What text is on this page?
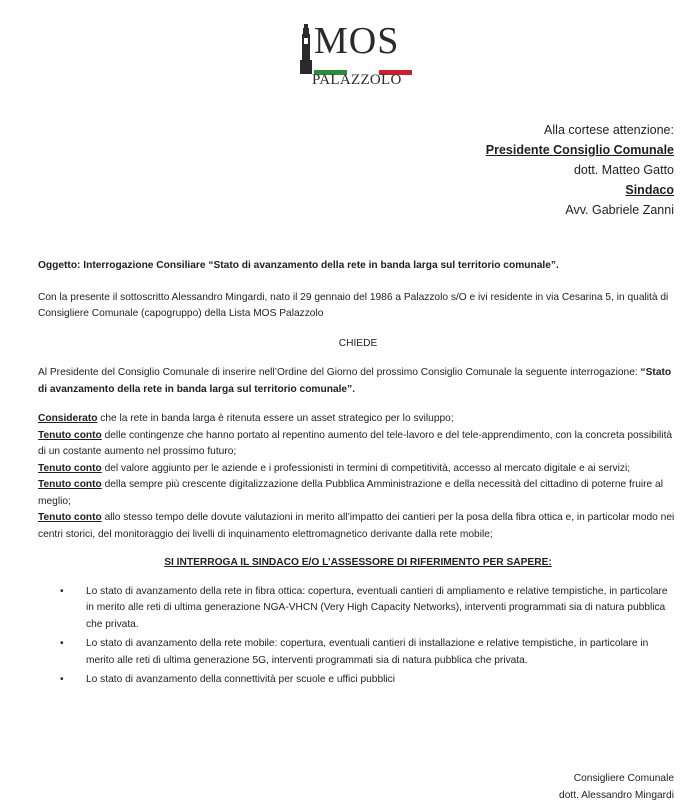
MOS
PALAZZOLO
Alla cortese attenzione:
Presidente Consiglio Comunale
dott. Matteo Gatto
Sindaco
Avv. Gabriele Zanni

Oggetto: Interrogazione Consiliare “Stato di avanzamento della rete in banda larga sul territorio comunale”.

Con la presente il sottoscritto Alessandro Mingardi, nato il 29 gennaio del 1986 a Palazzolo s/O e ivi residente in via Cesarina 5, in qualità di Consigliere Comunale (capogruppo) della Lista MOS Palazzolo

CHIEDE

Al Presidente del Consiglio Comunale di inserire nell’Ordine del Giorno del prossimo Consiglio Comunale la seguente interrogazione: “Stato di avanzamento della rete in banda larga sul territorio comunale”.

Considerato che la rete in banda larga è ritenuta essere un asset strategico per lo sviluppo;

Tenuto conto delle contingenze che hanno portato al repentino aumento del tele-lavoro e del tele-apprendimento, con la concreta possibilità di un costante aumento nel prossimo futuro;

Tenuto conto del valore aggiunto per le aziende e i professionisti in termini di competitività, accesso al mercato digitale e ai servizi;

Tenuto conto della sempre più crescente digitalizzazione della Pubblica Amministrazione e della necessità del cittadino di poterne fruire al meglio;

Tenuto conto allo stesso tempo delle dovute valutazioni in merito all’impatto dei cantieri per la posa della fibra ottica e, in particolar modo nei centri storici, del monitoraggio dei livelli di inquinamento elettromagnetico derivante dalla rete mobile;

SI INTERROGA IL SINDACO E/O L’ASSESSORE DI RIFERIMENTO PER SAPERE:

• Lo stato di avanzamento della rete in fibra ottica: copertura, eventuali cantieri di ampliamento e relative tempistiche, in particolare in merito alle reti di ultima generazione NGA-VHCN (Very High Capacity Networks), interventi programmati sia di natura pubblica che privata.
• Lo stato di avanzamento della rete mobile: copertura, eventuali cantieri di installazione e relative tempistiche, in particolare in merito alle reti di ultima generazione 5G, interventi programmati sia di natura pubblica che privata.
• Lo stato di avanzamento della connettività per scuole e uffici pubblici
Consigliere Comunale
dott. Alessandro Mingardi
